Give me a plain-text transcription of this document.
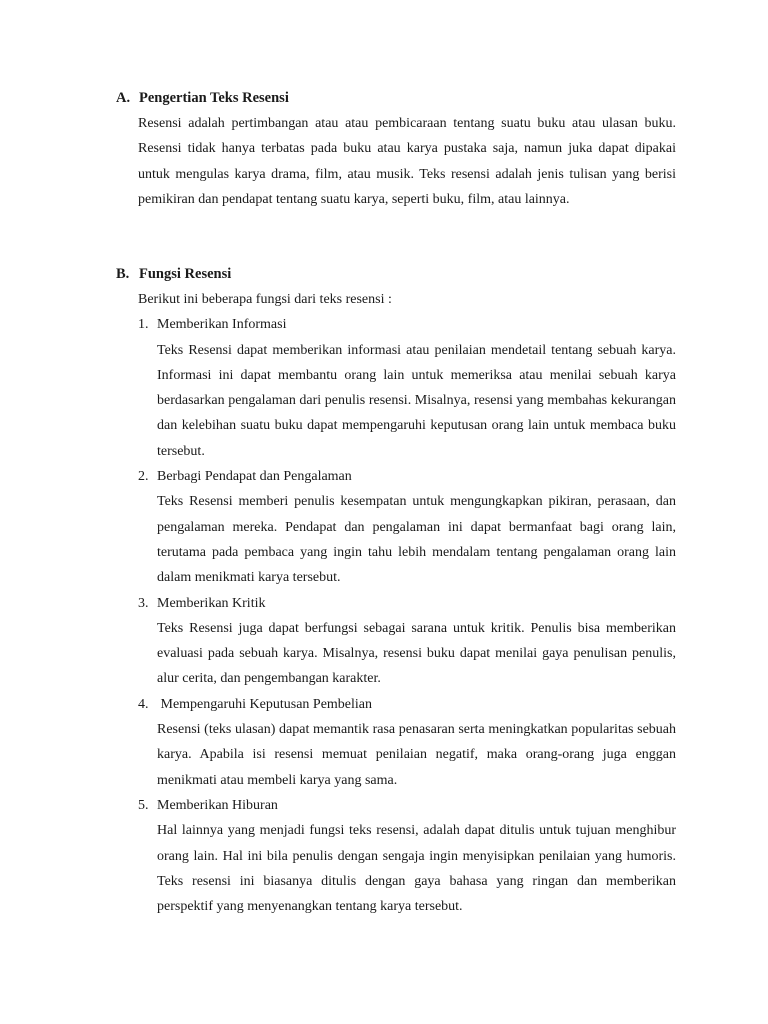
A. Pengertian Teks Resensi

Resensi adalah pertimbangan atau atau pembicaraan tentang suatu buku atau ulasan buku. Resensi tidak hanya terbatas pada buku atau karya pustaka saja, namun juka dapat dipakai untuk mengulas karya drama, film, atau musik. Teks resensi adalah jenis tulisan yang berisi pemikiran dan pendapat tentang suatu karya, seperti buku, film, atau lainnya.

B. Fungsi Resensi

Berikut ini beberapa fungsi dari teks resensi :

1. Memberikan Informasi

Teks Resensi dapat memberikan informasi atau penilaian mendetail tentang sebuah karya. Informasi ini dapat membantu orang lain untuk memeriksa atau menilai sebuah karya berdasarkan pengalaman dari penulis resensi. Misalnya, resensi yang membahas kekurangan dan kelebihan suatu buku dapat mempengaruhi keputusan orang lain untuk membaca buku tersebut.

2. Berbagi Pendapat dan Pengalaman

Teks Resensi memberi penulis kesempatan untuk mengungkapkan pikiran, perasaan, dan pengalaman mereka. Pendapat dan pengalaman ini dapat bermanfaat bagi orang lain, terutama pada pembaca yang ingin tahu lebih mendalam tentang pengalaman orang lain dalam menikmati karya tersebut.

3. Memberikan Kritik

Teks Resensi juga dapat berfungsi sebagai sarana untuk kritik. Penulis bisa memberikan evaluasi pada sebuah karya. Misalnya, resensi buku dapat menilai gaya penulisan penulis, alur cerita, dan pengembangan karakter.

4. Mempengaruhi Keputusan Pembelian

Resensi (teks ulasan) dapat memantik rasa penasaran serta meningkatkan popularitas sebuah karya. Apabila isi resensi memuat penilaian negatif, maka orang-orang juga enggan menikmati atau membeli karya yang sama.

5. Memberikan Hiburan

Hal lainnya yang menjadi fungsi teks resensi, adalah dapat ditulis untuk tujuan menghibur orang lain. Hal ini bila penulis dengan sengaja ingin menyisipkan penilaian yang humoris. Teks resensi ini biasanya ditulis dengan gaya bahasa yang ringan dan memberikan perspektif yang menyenangkan tentang karya tersebut.
